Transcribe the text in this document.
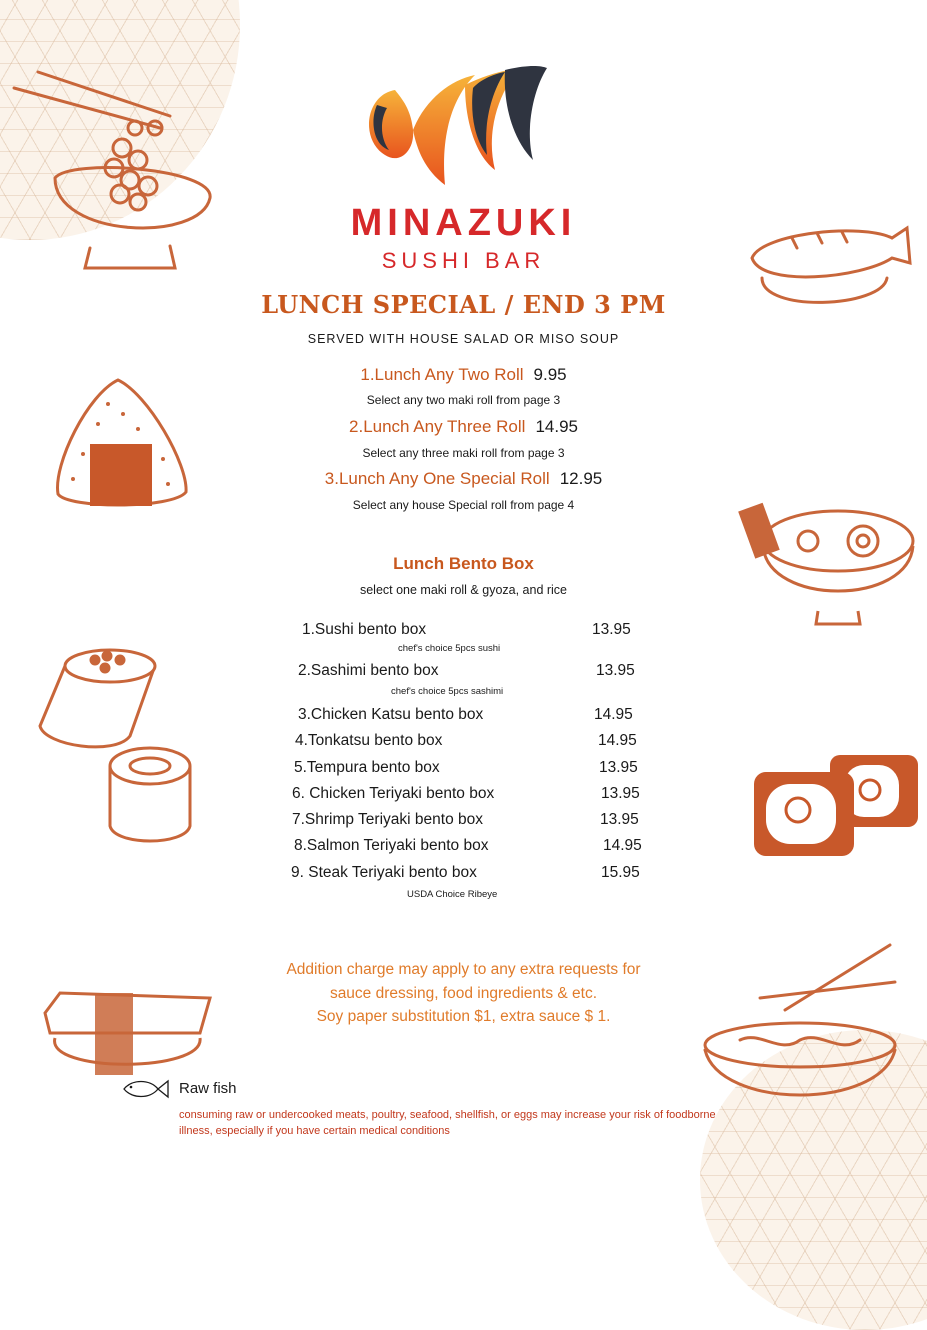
MINAZUKI
SUSHI BAR
LUNCH SPECIAL / END 3 PM
SERVED WITH HOUSE SALAD OR MISO SOUP
1.Lunch Any Two Roll 9.95
Select any two maki roll from page 3
2.Lunch Any Three Roll 14.95
Select any three maki roll from page 3
3.Lunch Any One Special Roll 12.95
Select any house Special roll from page 4
Lunch Bento Box
select one maki roll & gyoza, and rice
1.Sushi bento box	13.95
chef's choice 5pcs sushi
2.Sashimi bento box	13.95
chef's choice 5pcs sashimi
3.Chicken Katsu bento box	14.95
4.Tonkatsu bento box	14.95
5.Tempura bento box	13.95
6. Chicken Teriyaki bento box	13.95
7.Shrimp Teriyaki bento box	13.95
8.Salmon Teriyaki bento box	14.95
9. Steak Teriyaki bento box	15.95
USDA Choice Ribeye
Addition charge may apply to any extra requests for
sauce dressing, food ingredients & etc.
Soy paper substitution $1, extra sauce $ 1.
Raw fish
consuming raw or undercooked meats, poultry, seafood, shellfish, or eggs may increase your risk of foodborne illness, especially if you have certain medical conditions
